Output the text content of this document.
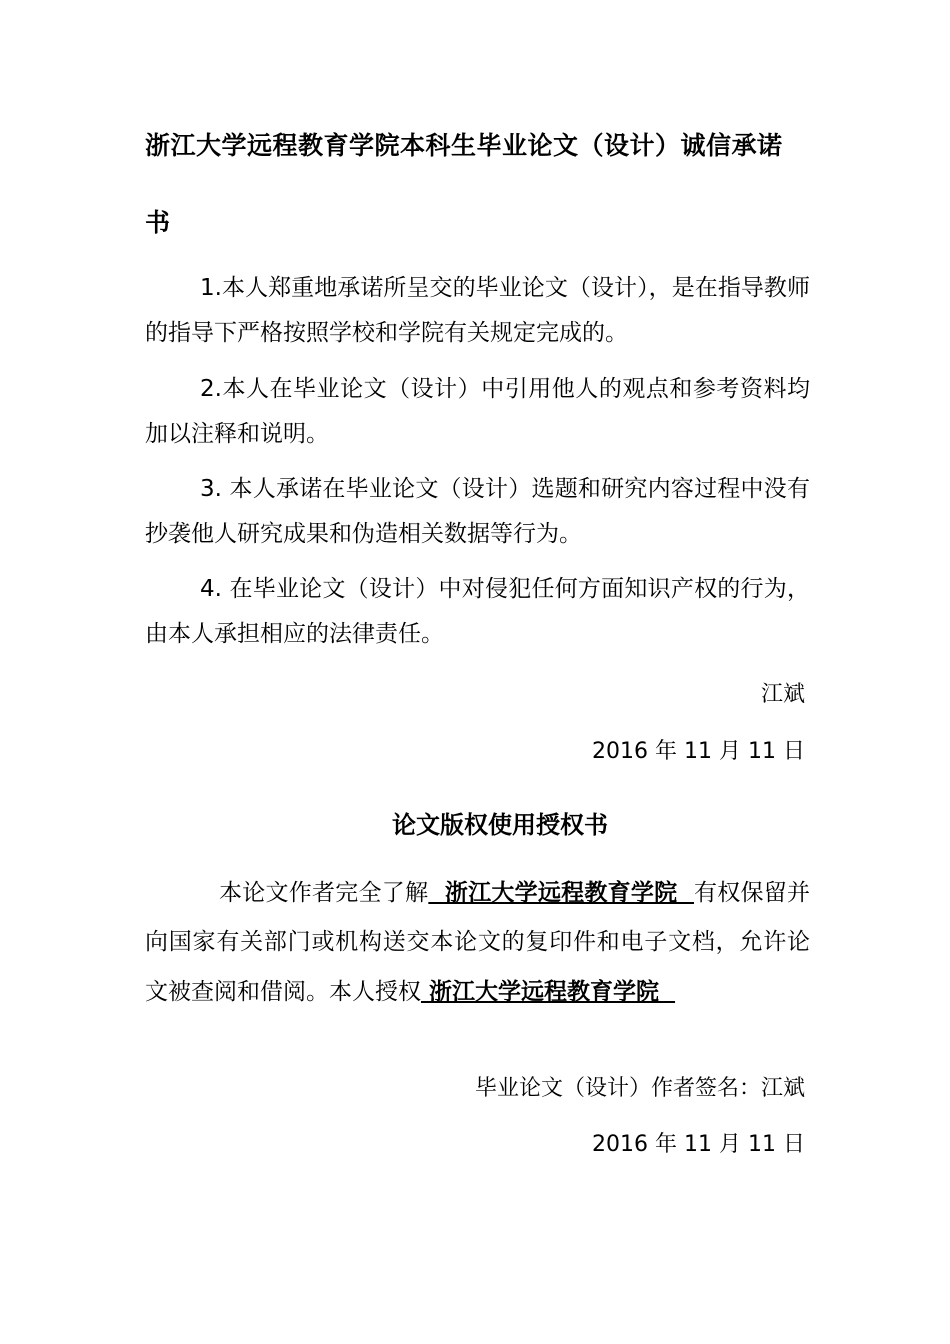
浙江大学远程教育学院本科生毕业论文（设计）诚信承诺
书
1.本人郑重地承诺所呈交的毕业论文（设计），是在指导教师的指导下严格按照学校和学院有关规定完成的。
2.本人在毕业论文（设计）中引用他人的观点和参考资料均加以注释和说明。
3. 本人承诺在毕业论文（设计）选题和研究内容过程中没有抄袭他人研究成果和伪造相关数据等行为。
4. 在毕业论文（设计）中对侵犯任何方面知识产权的行为，由本人承担相应的法律责任。
江斌
2016 年 11 月 11 日
论文版权使用授权书
本论文作者完全了解  浙江大学远程教育学院  有权保留并向国家有关部门或机构送交本论文的复印件和电子文档，允许论文被查阅和借阅。本人授权 浙江大学远程教育学院
毕业论文（设计）作者签名：江斌
2016 年 11 月 11 日
